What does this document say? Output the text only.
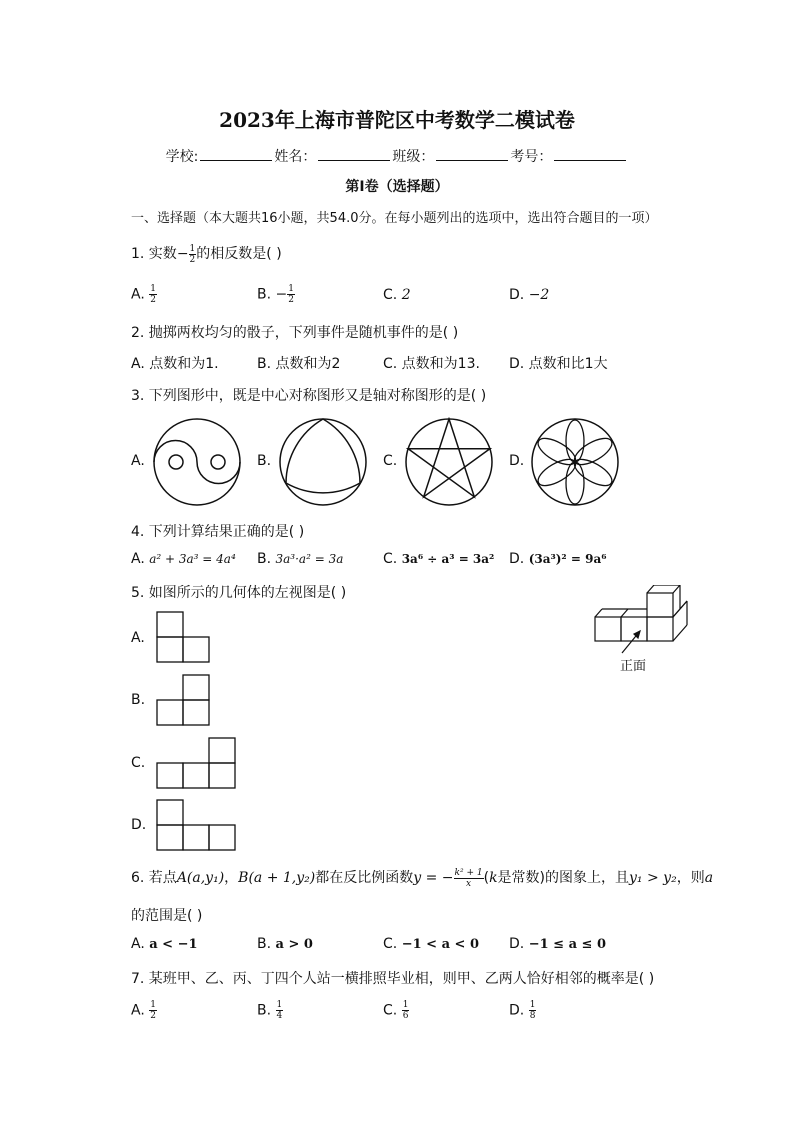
2023年上海市普陀区中考数学二模试卷
学校:	姓名：	班级：	考号：
第I卷（选择题）
一、选择题（本大题共16小题，共54.0分。在每小题列出的选项中，选出符合题目的一项）
1. 实数− $\frac{1}{2}$ 的相反数是( )
A. $\frac{1}{2}$	B. − $\frac{1}{2}$	C. 2	D. −2
2. 抛掷两枚均匀的骰子，下列事件是随机事件的是( )
A. 点数和为1.	B. 点数和为2	C. 点数和为13. D. 点数和比1大
3. 下列图形中，既是中心对称图形又是轴对称图形的是( )
A.	B.	C.	D.
4. 下列计算结果正确的是( )
A. a² + 3a³ = 4a⁴ B. 3a³·a² = 3a	C. 3a⁶ ÷ a³ = 3a² D. (3a³)² = 9a⁶
5. 如图所示的几何体的左视图是( )
正面
A.
B.
C.
D.
6. 若点A(a,y₁)，B(a + 1,y₂)都在反比例函数y = − $\frac{\text{k² + 1}}{x} (k$是常数)的图象上，且y₁ > y₂，则a
的范围是( )
A. a < −1	B. a > 0	C. −1 < a < 0 D. −1 ≤ a ≤ 0
7. 某班甲、乙、丙、丁四个人站一横排照毕业相，则甲、乙两人恰好相邻的概率是( )
A. $\frac{1}{2}$	B. $\frac{1}{4}$	C. $\frac{1}{6}$	D. $\frac{1}{8}$
